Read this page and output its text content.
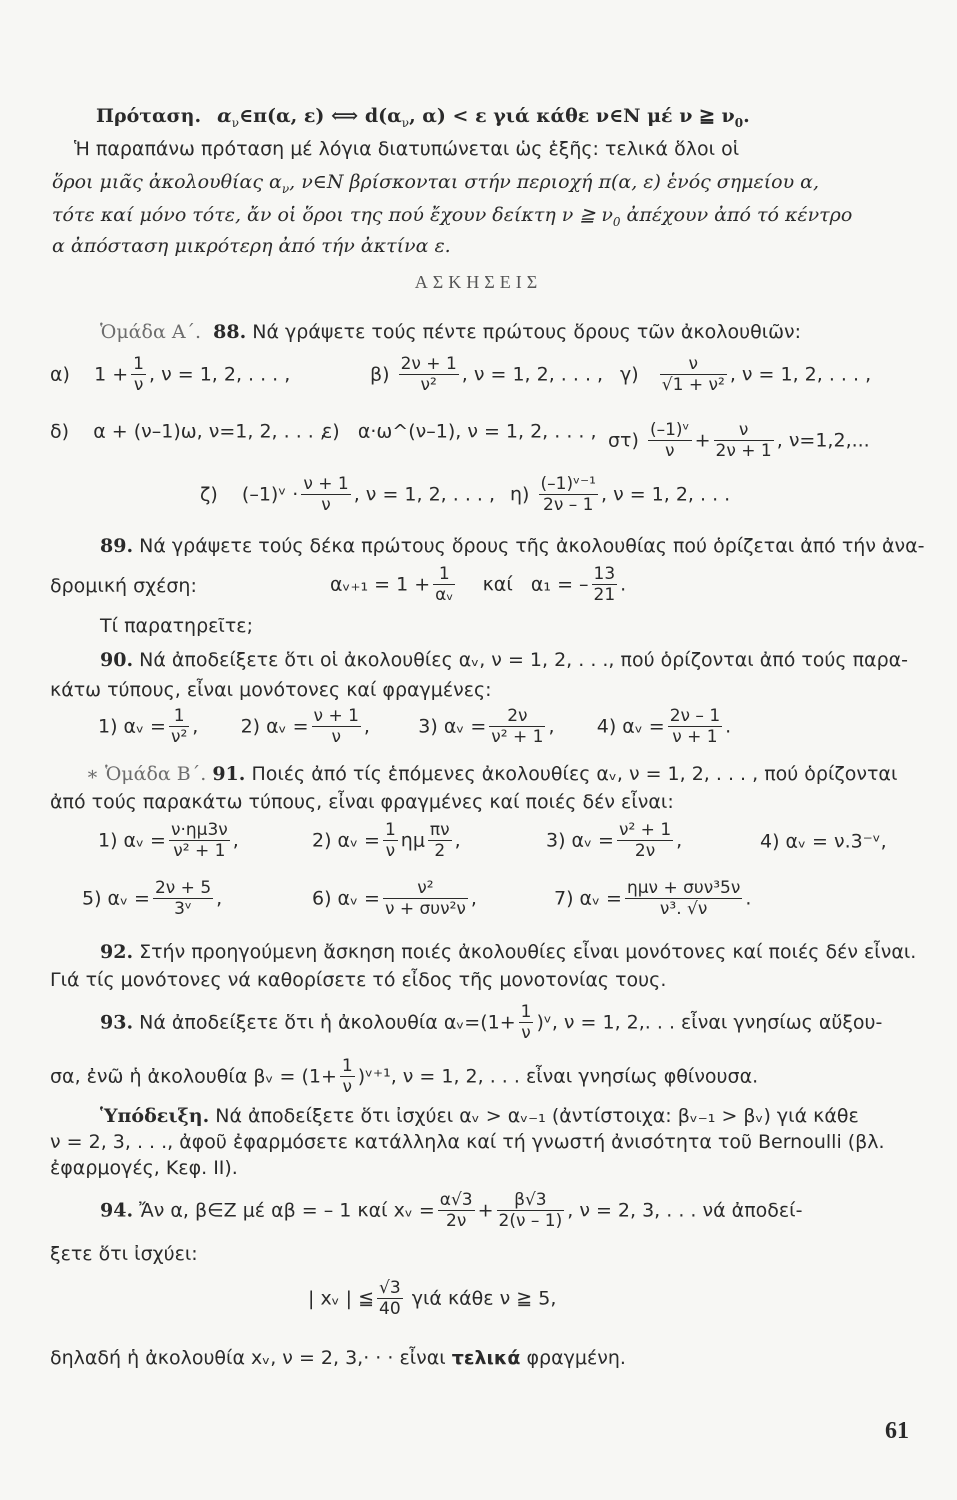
Πρόταση. $\alpha_\nu\in\pi(\alpha$, ε) ⟺ $d(\alpha_\nu$, α) < ε γιά κάθε ν∈N μέ ν ≧ $\nu_0$.
Ἡ παραπάνω πρόταση μέ λόγια διατυπώνεται ὡς ἑξῆς: τελικά ὅλοι οἱ
ὅροι μιᾶς ἀκολουθίας $\alpha_\nu$, ν∈N βρίσκονται στήν περιοχή π(α, ε) ἑνός σημείου α,
τότε καί μόνο τότε, ἄν οἱ ὅροι της πού ἔχουν δείκτη ν ≧ $\nu_0$ ἀπέχουν ἀπό τό κέντρο
α ἀπόσταση μικρότερη ἀπό τήν ἀκτίνα ε.
ΑΣΚΗΣΕΙΣ
Ὁμάδα Α΄. 88. Νά γράψετε τούς πέντε πρώτους ὅρους τῶν ἀκολουθιῶν:
α) $1 + \frac{1}{\nu}$ , ν = 1, 2, . . . ,	$\beta) \frac{2\nu + 1}{\text{ν²}}$ , ν = 1, 2, . . . , $\gamma) \frac{\nu}{\text{√1 + ν²}}$ , ν = 1, 2, . . . ,
δ) α + (ν–1)ω, ν=1, 2, . . . ,
ε) α·ω^(ν–1), ν = 1, 2, . . . , $\sigma\tau) \frac{\text{(–1)ᵛ}}{\nu} + \frac{\nu}{2\nu + 1}$ , ν=1,2,...
ζ) (–1)ᵛ · $\frac{\nu + 1}{\nu}$ , ν = 1, 2, . . . , $\eta) \frac{\text{(–1)ᵛ⁻¹}}{2\nu - 1}$ , ν = 1, 2, . . .
89. Νά γράψετε τούς δέκα πρώτους ὅρους τῆς ἀκολουθίας πού ὁρίζεται ἀπό τήν ἀνα-
δρομική σχέση:	αᵥ₊₁ = $1 + \frac{1}{\text{αᵥ}}$ καί α₁ = – $\frac{13}{21}$ .
Τί παρατηρεῖτε;
90. Νά ἀποδείξετε ὅτι οἱ ἀκολουθίες αᵥ, ν = 1, 2, . . ., πού ὁρίζονται ἀπό τούς παρα-
κάτω τύπους, εἶναι μονότονες καί φραγμένες:
1) αᵥ = $\frac{1}{\text{ν²}}$ , 2) αᵥ = $\frac{\nu + 1}{\nu}$ ,	3) αᵥ = $\frac{2\nu}{\text{ν² + 1}}$ , 4) αᵥ = $\frac{2\nu - 1}{\nu + 1}$ .
∗ Ὁμάδα Β΄. 91. Ποιές ἀπό τίς ἑπόμενες ἀκολουθίες αᵥ, ν = 1, 2, . . . , πού ὁρίζονται
ἀπό τούς παρακάτω τύπους, εἶναι φραγμένες καί ποιές δέν εἶναι:
1) αᵥ = $\frac{\nu\cdot\eta\mu 3\nu}{\text{ν² + 1}}$ ,	2) αᵥ = $\frac{1}{\nu}$ ημ $\frac{\pi\nu}{2}$ ,	3) αᵥ = $\frac{\text{ν² + 1}}{2\nu}$ ,	4) αᵥ = ν.3⁻ᵛ,
5) αᵥ = $\frac{2\nu + 5}{\text{3ᵛ}}$ ,	6) αᵥ = $\frac{\text{ν²}}{\text{ν + συν²ν}}$ ,	7) αᵥ = $\frac{\text{ημν + συν³5ν}}{\text{ν³. √ν}}$ .
92. Στήν προηγούμενη ἄσκηση ποιές ἀκολουθίες εἶναι μονότονες καί ποιές δέν εἶναι.
Γιά τίς μονότονες νά καθορίσετε τό εἶδος τῆς μονοτονίας τους.
93. Νά ἀποδείξετε ὅτι ἡ ἀκολουθία αᵥ=(1+ $\frac{1}{\nu}$ )ᵛ, ν = 1, 2,. . . εἶναι γνησίως αὔξου-
σα, ἐνῶ ἡ ἀκολουθία βᵥ = ($1+ \frac{1}{\nu}$ )ᵛ⁺¹, ν = 1, 2, . . . εἶναι γνησίως φθίνουσα.
Ὑπόδειξη. Νά ἀποδείξετε ὅτι ἰσχύει αᵥ > αᵥ₋₁ (ἀντίστοιχα: βᵥ₋₁ > βᵥ) γιά κάθε
ν = 2, 3, . . ., ἀφοῦ ἐφαρμόσετε κατάλληλα καί τή γνωστή ἀνισότητα τοῦ Bernoulli (βλ.
ἐφαρμογές, Κεφ. II).
94. Ἄν α, β∈Z μέ αβ = – 1 καί xᵥ = $\frac{\alpha√3}{2\nu} + \frac{\beta√3}{2(\nu - 1)}$ , ν = 2, 3, . . . νά ἀποδεί-
ξετε ὅτι ἰσχύει:
| xᵥ | ≦ $\frac{√3}{40}$ γιά κάθε ν ≧ 5,
δηλαδή ἡ ἀκολουθία xᵥ, ν = 2, 3,· · · εἶναι τελικά φραγμένη.
61
